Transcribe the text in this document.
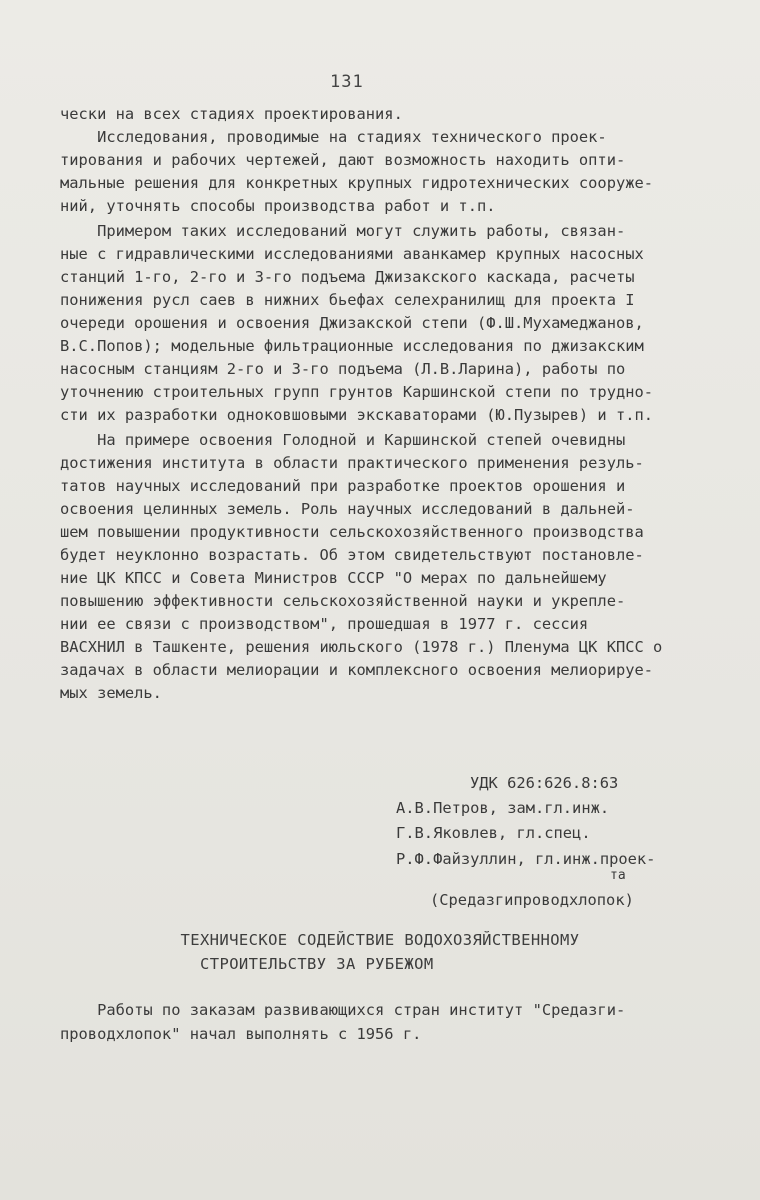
131
чески на всех стадиях проектирования.
Исследования, проводимые на стадиях технического проек-
тирования и рабочих чертежей, дают возможность находить опти-
мальные решения для конкретных крупных гидротехнических сооруже-
ний, уточнять способы производства работ и т.п.
Примером таких исследований могут служить работы, связан-
ные с гидравлическими исследованиями аванкамер крупных насосных
станций 1-го, 2-го и 3-го подъема Джизакского каскада, расчеты
понижения русл саев в нижних бьефах селехранилищ для проекта I
очереди орошения и освоения Джизакской степи (Ф.Ш.Мухамеджанов,
В.С.Попов); модельные фильтрационные исследования по джизакским
насосным станциям 2-го и 3-го подъема (Л.В.Ларина), работы по
уточнению строительных групп грунтов Каршинской степи по трудно-
сти их разработки одноковшовыми экскаваторами (Ю.Пузырев) и т.п.
На примере освоения Голодной и Каршинской степей очевидны
достижения института в области практического применения резуль-
татов научных исследований при разработке проектов орошения и
освоения целинных земель. Роль научных исследований в дальней-
шем повышении продуктивности сельскохозяйственного производства
будет неуклонно возрастать. Об этом свидетельствуют постановле-
ние ЦК КПСС и Совета Министров СССР "О мерах по дальнейшему
повышению эффективности сельскохозяйственной науки и укрепле-
нии ее связи с производством", прошедшая в 1977 г. сессия
ВАСХНИЛ в Ташкенте, решения июльского (1978 г.) Пленума ЦК КПСС о
задачах в области мелиорации и комплексного освоения мелиорируе-
мых земель.
УДК 626:626.8:63
А.В.Петров, зам.гл.инж.
Г.В.Яковлев, гл.спец.
Р.Ф.Файзуллин, гл.инж.проек-
та
(Средазгипроводхлопок)
ТЕХНИЧЕСКОЕ СОДЕЙСТВИЕ ВОДОХОЗЯЙСТВЕННОМУ
СТРОИТЕЛЬСТВУ ЗА РУБЕЖОМ
Работы по заказам развивающихся стран институт "Средазги-
проводхлопок" начал выполнять с 1956 г.
